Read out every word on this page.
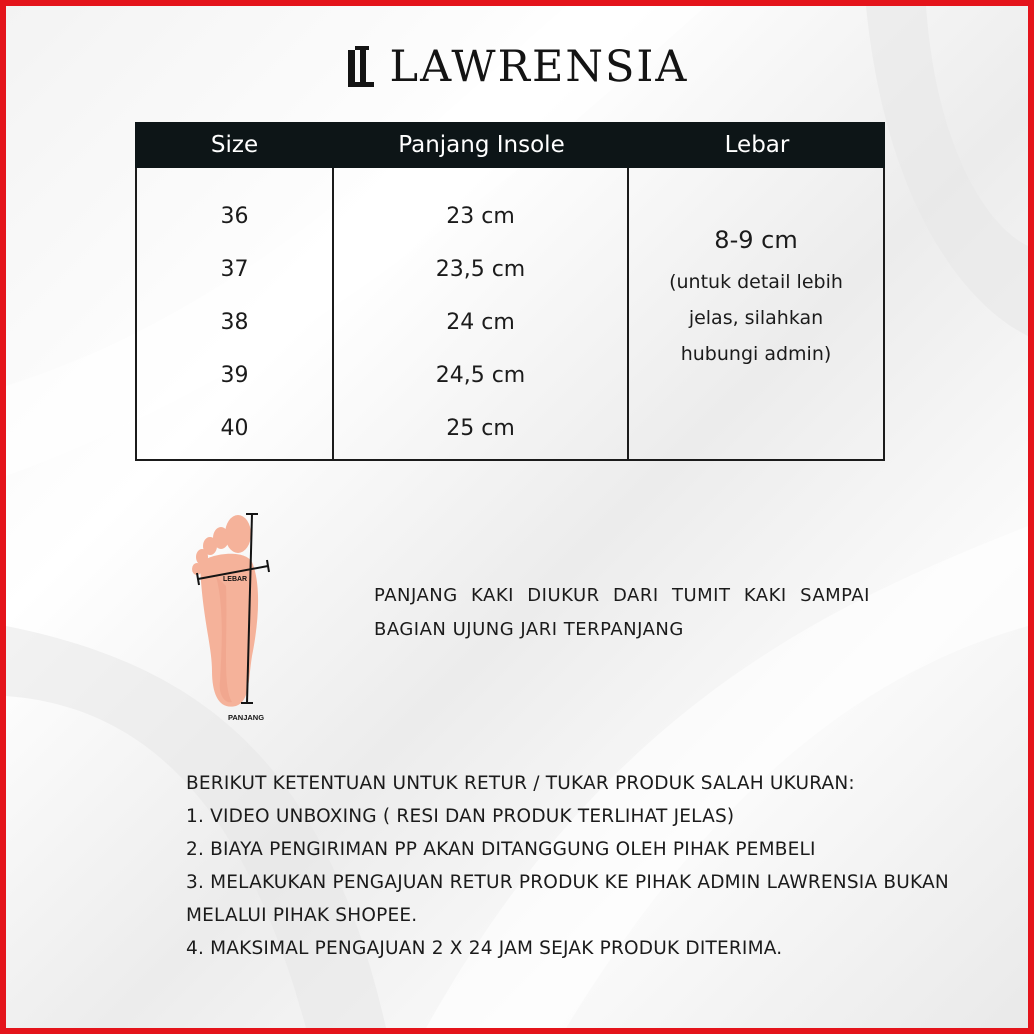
LAWRENSIA
Size	Panjang Insole	Lebar
36
37
38
39
40
23 cm
23,5 cm
24 cm
24,5 cm
25 cm
8-9 cm
(untuk detail lebih jelas, silahkan hubungi admin)
LEBAR
PANJANG
PANJANG KAKI DIUKUR DARI TUMIT KAKI SAMPAI BAGIAN UJUNG JARI TERPANJANG

BERIKUT KETENTUAN UNTUK RETUR / TUKAR PRODUK SALAH UKURAN:

1. VIDEO UNBOXING ( RESI DAN PRODUK TERLIHAT JELAS)

2. BIAYA PENGIRIMAN PP AKAN DITANGGUNG OLEH PIHAK PEMBELI

3. MELAKUKAN PENGAJUAN RETUR PRODUK KE PIHAK ADMIN LAWRENSIA BUKAN MELALUI PIHAK SHOPEE.

4. MAKSIMAL PENGAJUAN 2 X 24 JAM SEJAK PRODUK DITERIMA.
